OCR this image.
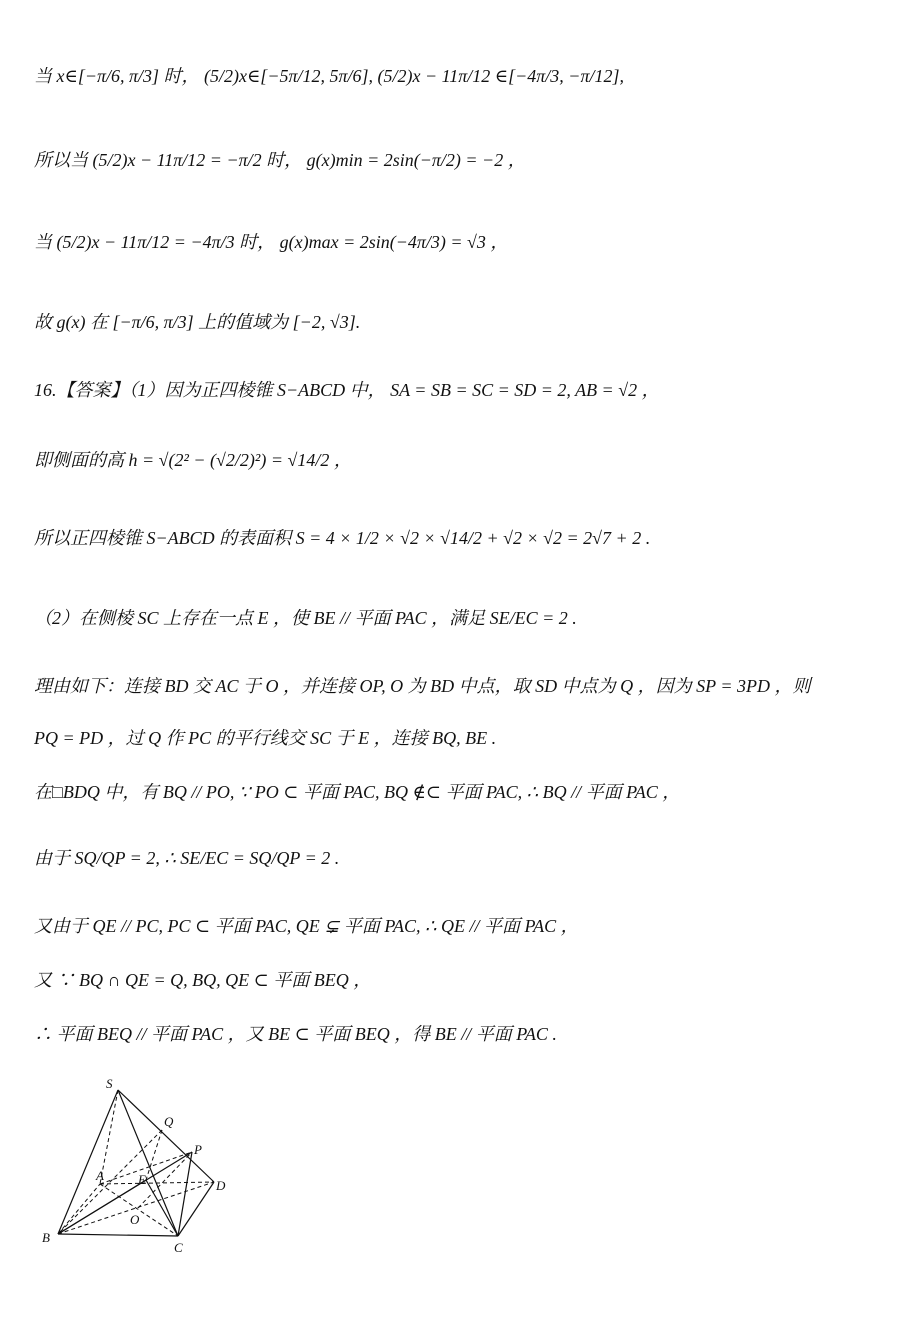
当 x∈[−π/6, π/3] 时， (5/2)x∈[−5π/12, 5π/6], (5/2)x − 11π/12 ∈[−4π/3, −π/12],
所以当 (5/2)x − 11π/12 = −π/2 时， g(x)min = 2sin(−π/2) = −2 ，
当 (5/2)x − 11π/12 = −4π/3 时， g(x)max = 2sin(−4π/3) = √3 ，
故 g(x) 在 [−π/6, π/3] 上的值域为 [−2, √3].
16.【答案】（1）因为正四棱锥 S−ABCD 中， SA = SB = SC = SD = 2, AB = √2 ，
即侧面的高 h = √(2² − (√2/2)²) = √14/2 ，
所以正四棱锥 S−ABCD 的表面积 S = 4 × 1/2 × √2 × √14/2 + √2 × √2 = 2√7 + 2 .
（2）在侧棱 SC 上存在一点 E ，使 BE // 平面 PAC ，满足 SE/EC = 2 .
理由如下：连接 BD 交 AC 于 O ，并连接 OP, O 为 BD 中点，取 SD 中点为 Q ，因为 SP = 3PD ，则
PQ = PD ，过 Q 作 PC 的平行线交 SC 于 E ，连接 BQ, BE .
在□BDQ 中，有 BQ // PO, ∵ PO ⊂ 平面 PAC, BQ ∉⊂ 平面 PAC, ∴ BQ // 平面 PAC ，
由于 SQ/QP = 2, ∴ SE/EC = SQ/QP = 2 .
又由于 QE // PC, PC ⊂ 平面 PAC, QE ⊊ 平面 PAC, ∴ QE // 平面 PAC ，
又 ∵ BQ ∩ QE = Q, BQ, QE ⊂ 平面 BEQ ，
∴ 平面 BEQ // 平面 PAC ，又 BE ⊂ 平面 BEQ ，得 BE // 平面 PAC .
S
Q
P
A	E	D
O
B
C
